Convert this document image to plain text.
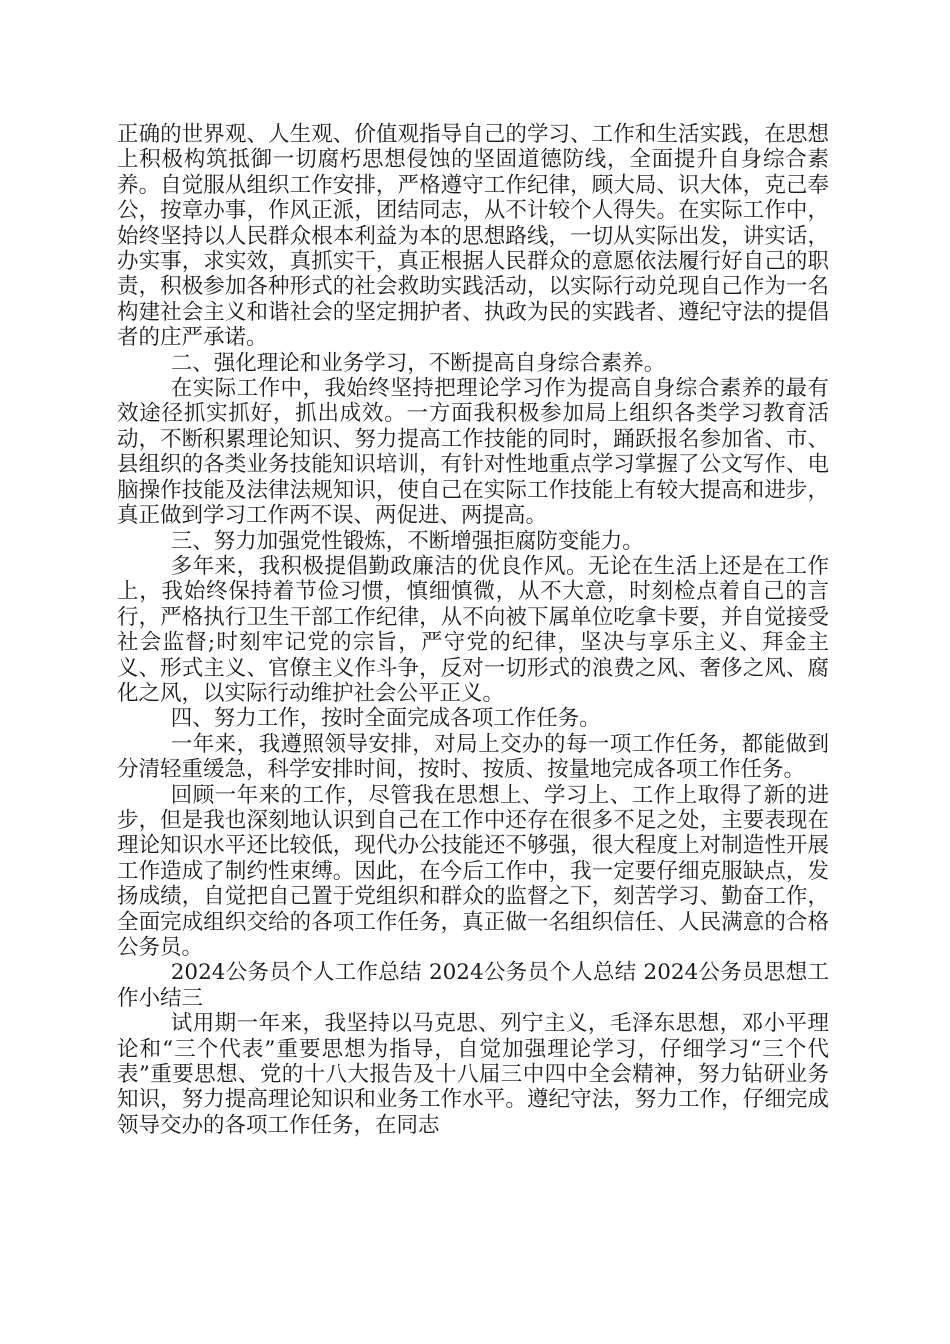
正确的世界观、人生观、价值观指导自己的学习、工作和生活实践，在思想上积极构筑抵御一切腐朽思想侵蚀的坚固道德防线，全面提升自身综合素养。自觉服从组织工作安排，严格遵守工作纪律，顾大局、识大体，克己奉公，按章办事，作风正派，团结同志，从不计较个人得失。在实际工作中，始终坚持以人民群众根本利益为本的思想路线，一切从实际出发，讲实话，办实事，求实效，真抓实干，真正根据人民群众的意愿依法履行好自己的职责，积极参加各种形式的社会救助实践活动，以实际行动兑现自己作为一名构建社会主义和谐社会的坚定拥护者、执政为民的实践者、遵纪守法的提倡者的庄严承诺。

二、强化理论和业务学习，不断提高自身综合素养。

在实际工作中，我始终坚持把理论学习作为提高自身综合素养的最有效途径抓实抓好，抓出成效。一方面我积极参加局上组织各类学习教育活动，不断积累理论知识、努力提高工作技能的同时，踊跃报名参加省、市、县组织的各类业务技能知识培训，有针对性地重点学习掌握了公文写作、电脑操作技能及法律法规知识，使自己在实际工作技能上有较大提高和进步，真正做到学习工作两不误、两促进、两提高。

三、努力加强党性锻炼，不断增强拒腐防变能力。

多年来，我积极提倡勤政廉洁的优良作风。无论在生活上还是在工作上，我始终保持着节俭习惯，慎细慎微，从不大意，时刻检点着自己的言行，严格执行卫生干部工作纪律，从不向被下属单位吃拿卡要，并自觉接受社会监督;时刻牢记党的宗旨，严守党的纪律，坚决与享乐主义、拜金主义、形式主义、官僚主义作斗争，反对一切形式的浪费之风、奢侈之风、腐化之风，以实际行动维护社会公平正义。

四、努力工作，按时全面完成各项工作任务。

一年来，我遵照领导安排，对局上交办的每一项工作任务，都能做到分清轻重缓急，科学安排时间，按时、按质、按量地完成各项工作任务。

回顾一年来的工作，尽管我在思想上、学习上、工作上取得了新的进步，但是我也深刻地认识到自己在工作中还存在很多不足之处，主要表现在理论知识水平还比较低，现代办公技能还不够强，很大程度上对制造性开展工作造成了制约性束缚。因此，在今后工作中，我一定要仔细克服缺点，发扬成绩，自觉把自己置于党组织和群众的监督之下，刻苦学习、勤奋工作，全面完成组织交给的各项工作任务，真正做一名组织信任、人民满意的合格公务员。

2024公务员个人工作总结 2024公务员个人总结 2024公务员思想工作小结三

试用期一年来，我坚持以马克思、列宁主义，毛泽东思想，邓小平理论和“三个代表”重要思想为指导，自觉加强理论学习，仔细学习“三个代表”重要思想、党的十八大报告及十八届三中四中全会精神，努力钻研业务知识，努力提高理论知识和业务工作水平。遵纪守法，努力工作，仔细完成领导交办的各项工作任务，在同志
